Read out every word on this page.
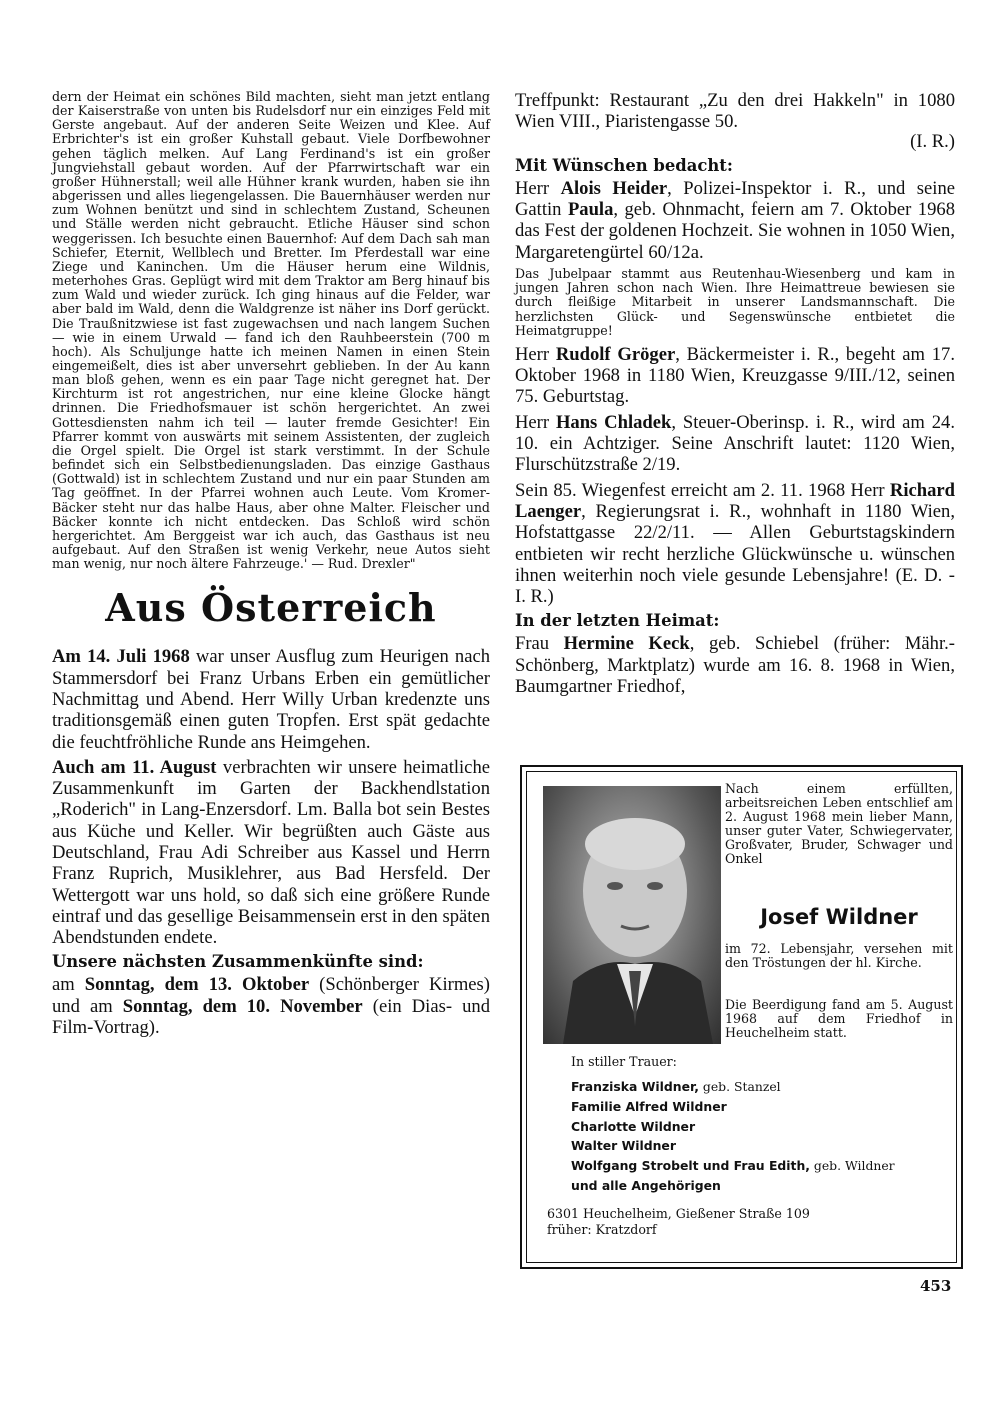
dern der Heimat ein schönes Bild machten, sieht man jetzt entlang der Kaiserstraße von unten bis Rudelsdorf nur ein einziges Feld mit Gerste angebaut. Auf der anderen Seite Weizen und Klee. Auf Erbrichter's ist ein großer Kuhstall gebaut. Viele Dorfbewohner gehen täglich melken. Auf Lang Ferdinand's ist ein großer Jungviehstall gebaut worden. Auf der Pfarrwirtschaft war ein großer Hühnerstall; weil alle Hühner krank wurden, haben sie ihn abgerissen und alles liegengelassen. Die Bauernhäuser werden nur zum Wohnen benützt und sind in schlechtem Zustand, Scheunen und Ställe werden nicht gebraucht. Etliche Häuser sind schon weggerissen. Ich besuchte einen Bauernhof: Auf dem Dach sah man Schiefer, Eternit, Wellblech und Bretter. Im Pferdestall war eine Ziege und Kaninchen. Um die Häuser herum eine Wildnis, meterhohes Gras. Geplügt wird mit dem Traktor am Berg hinauf bis zum Wald und wieder zurück. Ich ging hinaus auf die Felder, war aber bald im Wald, denn die Waldgrenze ist näher ins Dorf gerückt. Die Traußnitzwiese ist fast zugewachsen und nach langem Suchen — wie in einem Urwald — fand ich den Rauhbeerstein (700 m hoch). Als Schuljunge hatte ich meinen Namen in einen Stein eingemeißelt, dies ist aber unversehrt geblieben. In der Au kann man bloß gehen, wenn es ein paar Tage nicht geregnet hat. Der Kirchturm ist rot angestrichen, nur eine kleine Glocke hängt drinnen. Die Friedhofsmauer ist schön hergerichtet. An zwei Gottesdiensten nahm ich teil — lauter fremde Gesichter! Ein Pfarrer kommt von auswärts mit seinem Assistenten, der zugleich die Orgel spielt. Die Orgel ist stark verstimmt. In der Schule befindet sich ein Selbstbedienungsladen. Das einzige Gasthaus (Gottwald) ist in schlechtem Zustand und nur ein paar Stunden am Tag geöffnet. In der Pfarrei wohnen auch Leute. Vom Kromer-Bäcker steht nur das halbe Haus, aber ohne Malter. Fleischer und Bäcker konnte ich nicht entdecken. Das Schloß wird schön hergerichtet. Am Berggeist war ich auch, das Gasthaus ist neu aufgebaut. Auf den Straßen ist wenig Verkehr, neue Autos sieht man wenig, nur noch ältere Fahrzeuge.' — Rud. Drexler"

Aus Österreich

Am 14. Juli 1968 war unser Ausflug zum Heurigen nach Stammersdorf bei Franz Urbans Erben ein gemütlicher Nachmittag und Abend. Herr Willy Urban kredenzte uns traditionsgemäß einen guten Tropfen. Erst spät gedachte die feuchtfröhliche Runde ans Heimgehen.

Auch am 11. August verbrachten wir unsere heimatliche Zusammenkunft im Garten der Backhendlstation „Roderich" in Lang-Enzersdorf. Lm. Balla bot sein Bestes aus Küche und Keller. Wir begrüßten auch Gäste aus Deutschland, Frau Adi Schreiber aus Kassel und Herrn Franz Ruprich, Musiklehrer, aus Bad Hersfeld. Der Wettergott war uns hold, so daß sich eine größere Runde eintraf und das gesellige Beisammensein erst in den späten Abendstunden endete.

Unsere nächsten Zusammenkünfte sind:

am Sonntag, dem 13. Oktober (Schönberger Kirmes) und am Sonntag, dem 10. November (ein Dias- und Film-Vortrag).

Treffpunkt: Restaurant „Zu den drei Hakkeln" in 1080 Wien VIII., Piaristengasse 50.

(I. R.)

Mit Wünschen bedacht:

Herr Alois Heider, Polizei-Inspektor i. R., und seine Gattin Paula, geb. Ohnmacht, feiern am 7. Oktober 1968 das Fest der goldenen Hochzeit. Sie wohnen in 1050 Wien, Margaretengürtel 60/12a.

Das Jubelpaar stammt aus Reutenhau-Wiesenberg und kam in jungen Jahren schon nach Wien. Ihre Heimattreue bewiesen sie durch fleißige Mitarbeit in unserer Landsmannschaft. Die herzlichsten Glück- und Segenswünsche entbietet die Heimatgruppe!

Herr Rudolf Gröger, Bäckermeister i. R., begeht am 17. Oktober 1968 in 1180 Wien, Kreuzgasse 9/III./12, seinen 75. Geburtstag.

Herr Hans Chladek, Steuer-Oberinsp. i. R., wird am 24. 10. ein Achtziger. Seine Anschrift lautet: 1120 Wien, Flurschützstraße 2/19.

Sein 85. Wiegenfest erreicht am 2. 11. 1968 Herr Richard Laenger, Regierungsrat i. R., wohnhaft in 1180 Wien, Hofstattgasse 22/2/11. — Allen Geburtstagskindern entbieten wir recht herzliche Glückwünsche u. wünschen ihnen weiterhin noch viele gesunde Lebensjahre! (E. D. - I. R.)

In der letzten Heimat:

Frau Hermine Keck, geb. Schiebel (früher: Mähr.-Schönberg, Marktplatz) wurde am 16. 8. 1968 in Wien, Baumgartner Friedhof,

Nach einem erfüllten, arbeitsreichen Leben entschlief am 2. August 1968 mein lieber Mann, unser guter Vater, Schwiegervater, Großvater, Bruder, Schwager und Onkel

Josef Wildner

im 72. Lebensjahr, versehen mit den Tröstungen der hl. Kirche.

Die Beerdigung fand am 5. August 1968 auf dem Friedhof in Heuchelheim statt.

In stiller Trauer:

Franziska Wildner, geb. Stanzel
Familie Alfred Wildner
Charlotte Wildner
Walter Wildner
Wolfgang Strobelt und Frau Edith, geb. Wildner
und alle Angehörigen

6301 Heuchelheim, Gießener Straße 109
früher: Kratzdorf

453
